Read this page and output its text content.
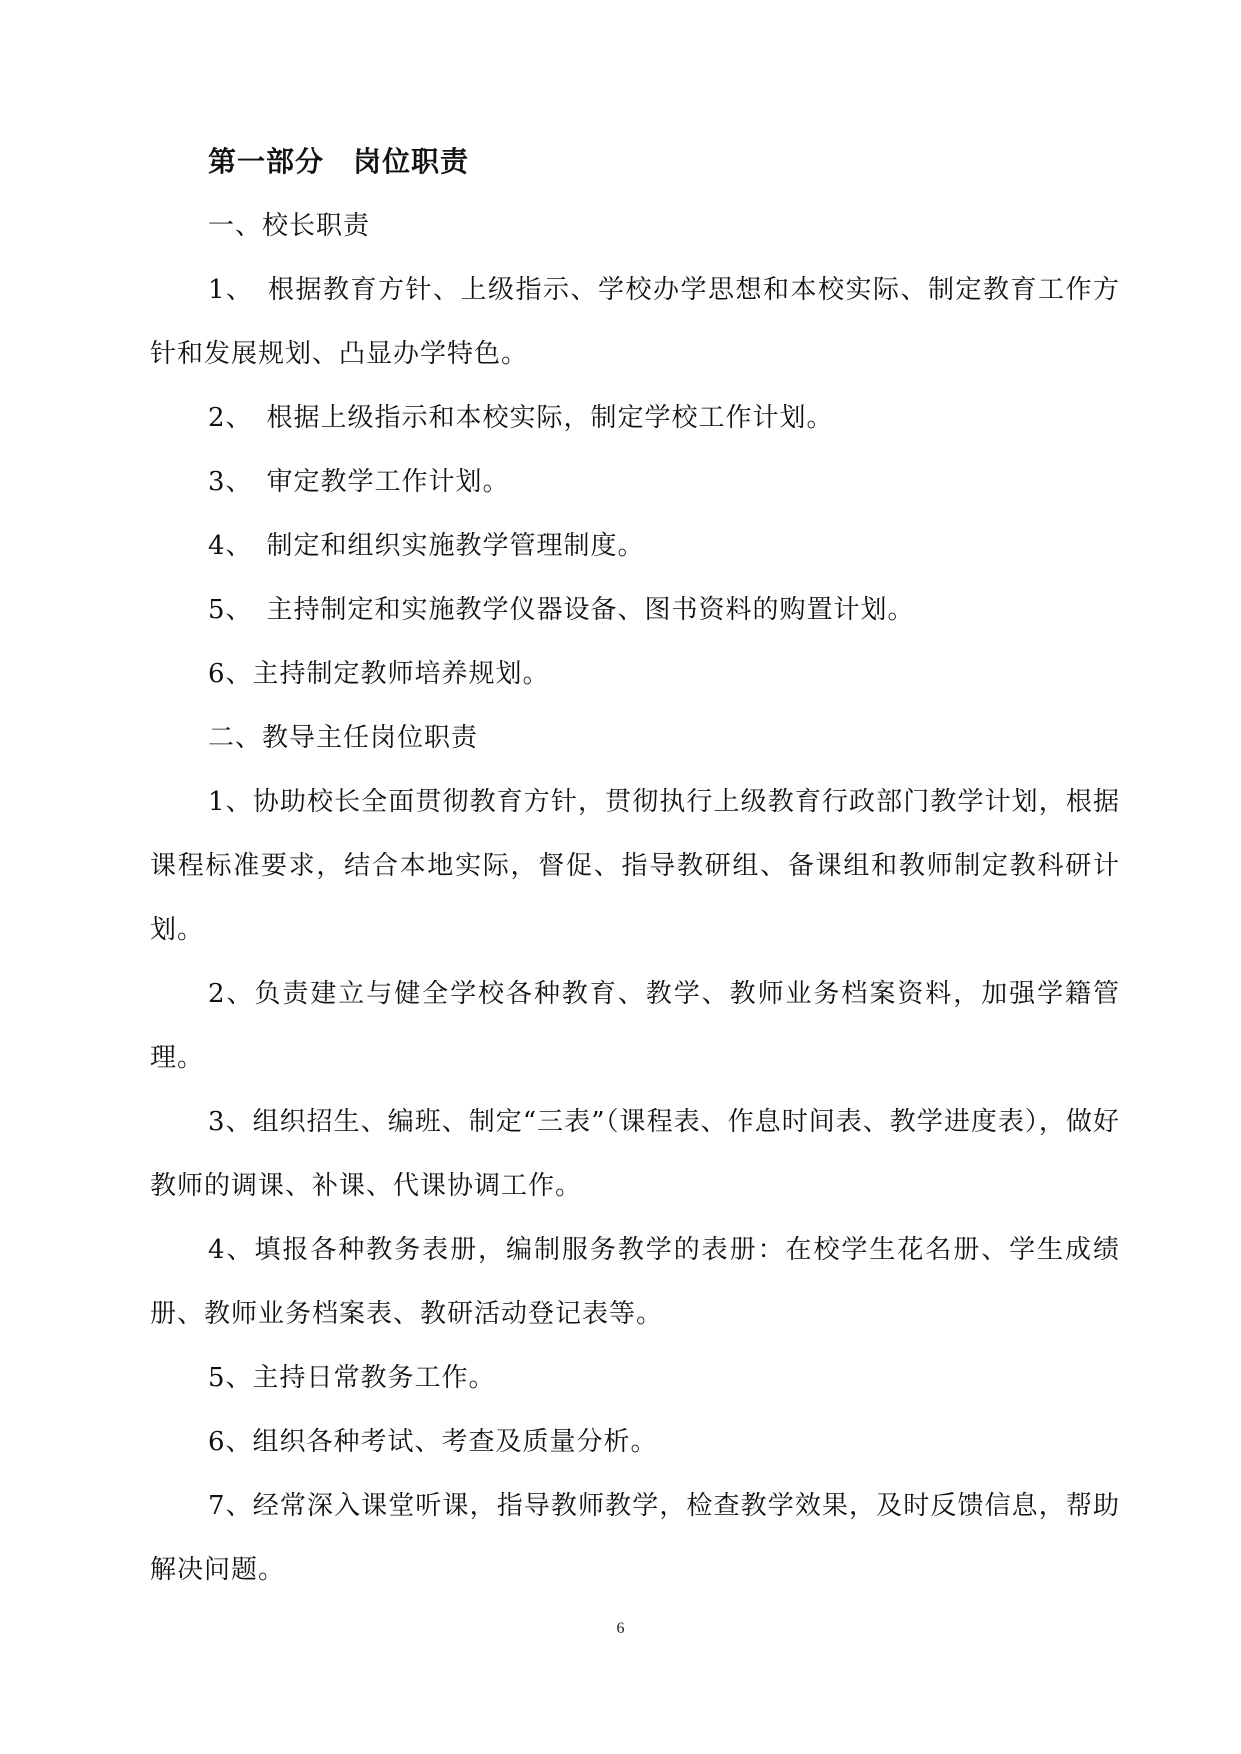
第一部分　岗位职责

一、校长职责

1、　根据教育方针、上级指示、学校办学思想和本校实际、制定教育工作方针和发展规划、凸显办学特色。

2、　根据上级指示和本校实际，制定学校工作计划。

3、　审定教学工作计划。

4、　制定和组织实施教学管理制度。

5、　主持制定和实施教学仪器设备、图书资料的购置计划。

6、主持制定教师培养规划。

二、教导主任岗位职责

1、协助校长全面贯彻教育方针，贯彻执行上级教育行政部门教学计划，根据课程标准要求，结合本地实际，督促、指导教研组、备课组和教师制定教科研计划。

2、负责建立与健全学校各种教育、教学、教师业务档案资料，加强学籍管理。

3、组织招生、编班、制定“三表”（课程表、作息时间表、教学进度表），做好教师的调课、补课、代课协调工作。

4、填报各种教务表册，编制服务教学的表册：在校学生花名册、学生成绩册、教师业务档案表、教研活动登记表等。

5、主持日常教务工作。

6、组织各种考试、考查及质量分析。

7、经常深入课堂听课，指导教师教学，检查教学效果，及时反馈信息，帮助解决问题。

6
